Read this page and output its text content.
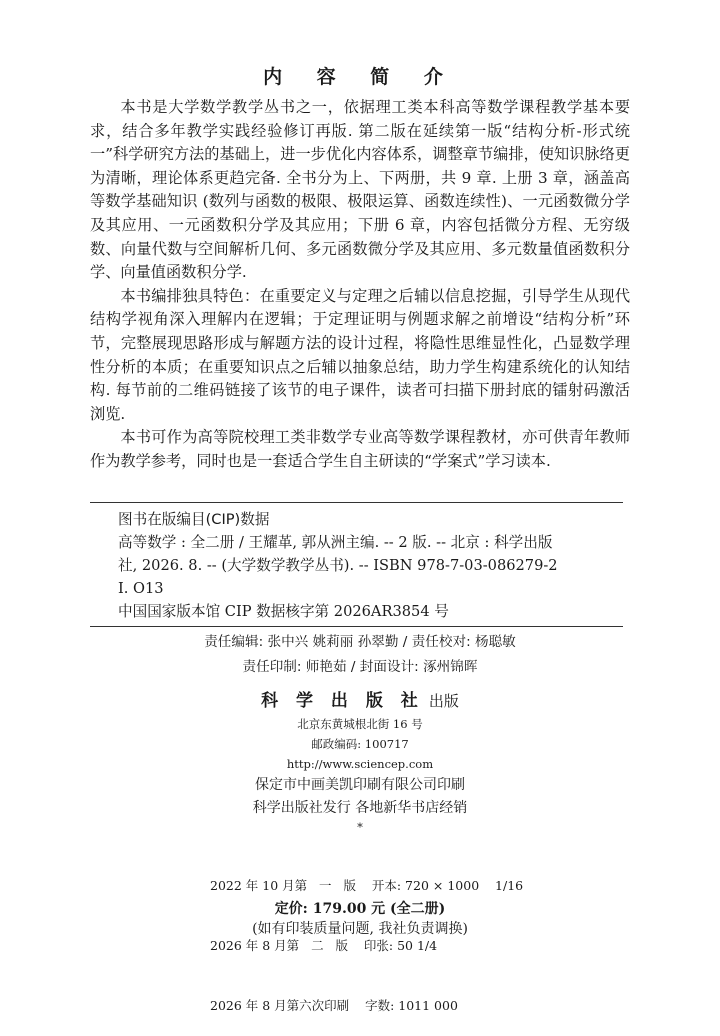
内 容 简 介

本书是大学数学教学丛书之一，依据理工类本科高等数学课程教学基本要求，结合多年教学实践经验修订再版. 第二版在延续第一版“结构分析-形式统一”科学研究方法的基础上，进一步优化内容体系，调整章节编排，使知识脉络更为清晰，理论体系更趋完备. 全书分为上、下两册，共 9 章. 上册 3 章，涵盖高等数学基础知识 (数列与函数的极限、极限运算、函数连续性)、一元函数微分学及其应用、一元函数积分学及其应用；下册 6 章，内容包括微分方程、无穷级数、向量代数与空间解析几何、多元函数微分学及其应用、多元数量值函数积分学、向量值函数积分学.

本书编排独具特色：在重要定义与定理之后辅以信息挖掘，引导学生从现代结构学视角深入理解内在逻辑；于定理证明与例题求解之前增设“结构分析”环节，完整展现思路形成与解题方法的设计过程，将隐性思维显性化，凸显数学理性分析的本质；在重要知识点之后辅以抽象总结，助力学生构建系统化的认知结构. 每节前的二维码链接了该节的电子课件，读者可扫描下册封底的镭射码激活浏览.

本书可作为高等院校理工类非数学专业高等数学课程教材，亦可供青年教师作为教学参考，同时也是一套适合学生自主研读的“学案式”学习读本.

图书在版编目(CIP)数据
高等数学 : 全二册 / 王耀革, 郭从洲主编. -- 2 版. -- 北京 : 科学出版
社, 2026. 8. -- (大学数学教学丛书). -- ISBN 978-7-03-086279-2
Ⅰ. O13
中国国家版本馆 CIP 数据核字第 2026AR3854 号
责任编辑: 张中兴 姚莉丽 孙翠勤 / 责任校对: 杨聪敏
责任印制: 师艳茹 / 封面设计: 涿州锦晖
科 学 出 版 社 出版
北京东黄城根北街 16 号
邮政编码: 100717
http://www.sciencep.com
保定市中画美凯印刷有限公司印刷
科学出版社发行 各地新华书店经销
*

2022 年 10 月第   一   版    开本: 720 × 1000    1/16

2026 年 8 月第   二   版    印张: 50 1/4

2026 年 8 月第六次印刷    字数: 1011 000

定价: 179.00 元 (全二册)
(如有印装质量问题, 我社负责调换)
